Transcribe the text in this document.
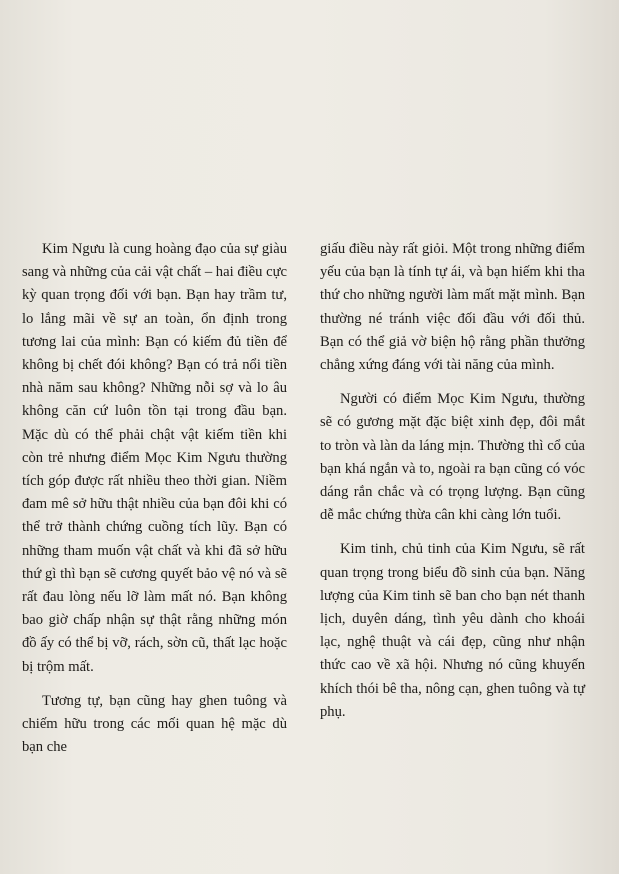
Kim Ngưu là cung hoàng đạo của sự giàu sang và những của cải vật chất – hai điều cực kỳ quan trọng đối với bạn. Bạn hay trầm tư, lo lắng mãi về sự an toàn, ổn định trong tương lai của mình: Bạn có kiếm đủ tiền để không bị chết đói không? Bạn có trả nổi tiền nhà năm sau không? Những nỗi sợ và lo âu không căn cứ luôn tồn tại trong đầu bạn. Mặc dù có thể phải chật vật kiếm tiền khi còn trẻ nhưng điểm Mọc Kim Ngưu thường tích góp được rất nhiều theo thời gian. Niềm đam mê sở hữu thật nhiều của bạn đôi khi có thể trở thành chứng cuồng tích lũy. Bạn có những tham muốn vật chất và khi đã sở hữu thứ gì thì bạn sẽ cương quyết bảo vệ nó và sẽ rất đau lòng nếu lỡ làm mất nó. Bạn không bao giờ chấp nhận sự thật rằng những món đồ ấy có thể bị vỡ, rách, sờn cũ, thất lạc hoặc bị trộm mất.

Tương tự, bạn cũng hay ghen tuông và chiếm hữu trong các mối quan hệ mặc dù bạn che

giấu điều này rất giỏi. Một trong những điểm yếu của bạn là tính tự ái, và bạn hiếm khi tha thứ cho những người làm mất mặt mình. Bạn thường né tránh việc đối đầu với đối thủ. Bạn có thể giả vờ biện hộ rằng phần thưởng chẳng xứng đáng với tài năng của mình.

Người có điểm Mọc Kim Ngưu, thường sẽ có gương mặt đặc biệt xinh đẹp, đôi mắt to tròn và làn da láng mịn. Thường thì cổ của bạn khá ngắn và to, ngoài ra bạn cũng có vóc dáng rắn chắc và có trọng lượng. Bạn cũng dễ mắc chứng thừa cân khi càng lớn tuổi.

Kim tinh, chủ tinh của Kim Ngưu, sẽ rất quan trọng trong biểu đồ sinh của bạn. Năng lượng của Kim tinh sẽ ban cho bạn nét thanh lịch, duyên dáng, tình yêu dành cho khoái lạc, nghệ thuật và cái đẹp, cũng như nhận thức cao về xã hội. Nhưng nó cũng khuyến khích thói bê tha, nông cạn, ghen tuông và tự phụ.
